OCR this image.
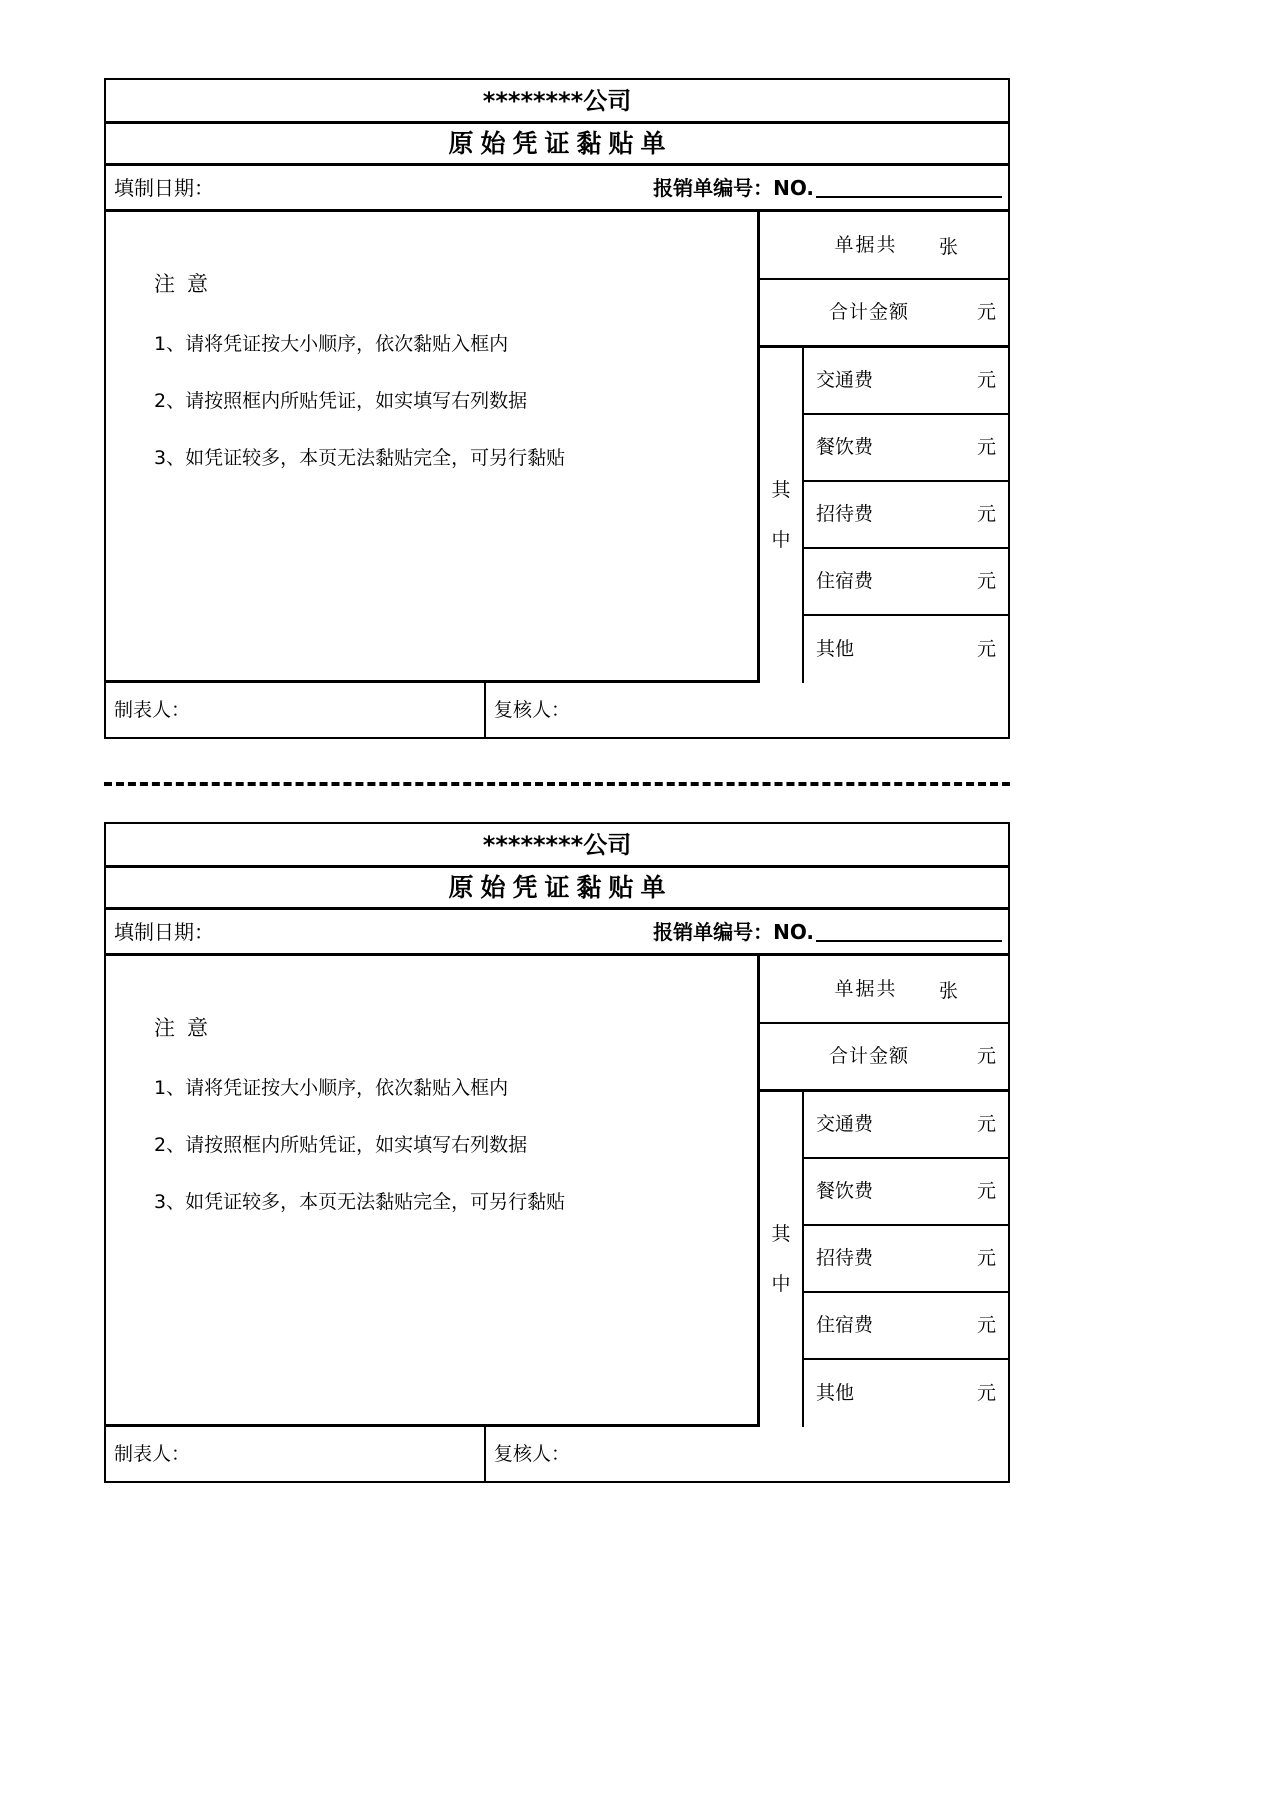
********公司
原始凭证黏贴单
填制日期：	报销单编号：NO.
注意
1、请将凭证按大小顺序，依次黏贴入框内
2、请按照框内所贴凭证，如实填写右列数据
3、如凭证较多，本页无法黏贴完全，可另行黏贴
单据共	张
合计金额	元
其
中
交通费	元
餐饮费	元
招待费	元
住宿费	元
其他	元
制表人：	复核人：
********公司
原始凭证黏贴单
填制日期：	报销单编号：NO.
注意
1、请将凭证按大小顺序，依次黏贴入框内
2、请按照框内所贴凭证，如实填写右列数据
3、如凭证较多，本页无法黏贴完全，可另行黏贴
单据共	张
合计金额	元
其
中
交通费	元
餐饮费	元
招待费	元
住宿费	元
其他	元
制表人：	复核人：
